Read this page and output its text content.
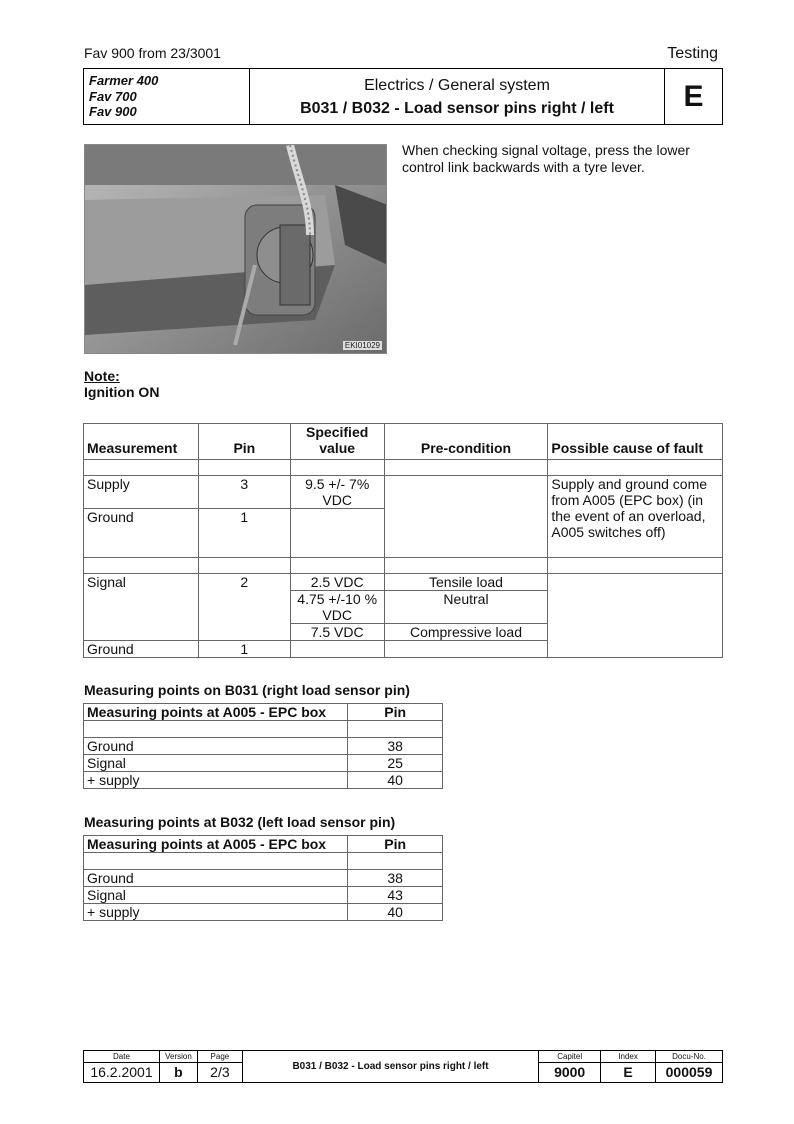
Fav 900 from 23/3001	Testing
Farmer 400
Fav 700
Fav 900
Electrics / General system
B031 / B032 - Load sensor pins right / left	E
EKI01029
When checking signal voltage, press the lower control link backwards with a tyre lever.
Note:
Ignition ON
Measurement	Pin	Specified value	Pre-condition	Possible cause of fault

Supply	3	9.5 +/- 7% VDC		Supply and ground come from A005 (EPC box) (in the event of an overload, A005 switches off)
Ground	1			

Signal	2	2.5 VDC	Tensile load	
		4.75 +/-10 % VDC	Neutral	
		7.5 VDC	Compressive load	
Ground	1			
Measuring points on B031 (right load sensor pin)
Measuring points at A005 - EPC box	Pin

Ground	38
Signal	25
+ supply	40
Measuring points at B032 (left load sensor pin)
Measuring points at A005 - EPC box	Pin

Ground	38
Signal	43
+ supply	40
Date	Version	Page	B031 / B032 - Load sensor pins right / left	Capitel	Index	Docu-No.
16.2.2001	b	2/3		9000	E	000059
